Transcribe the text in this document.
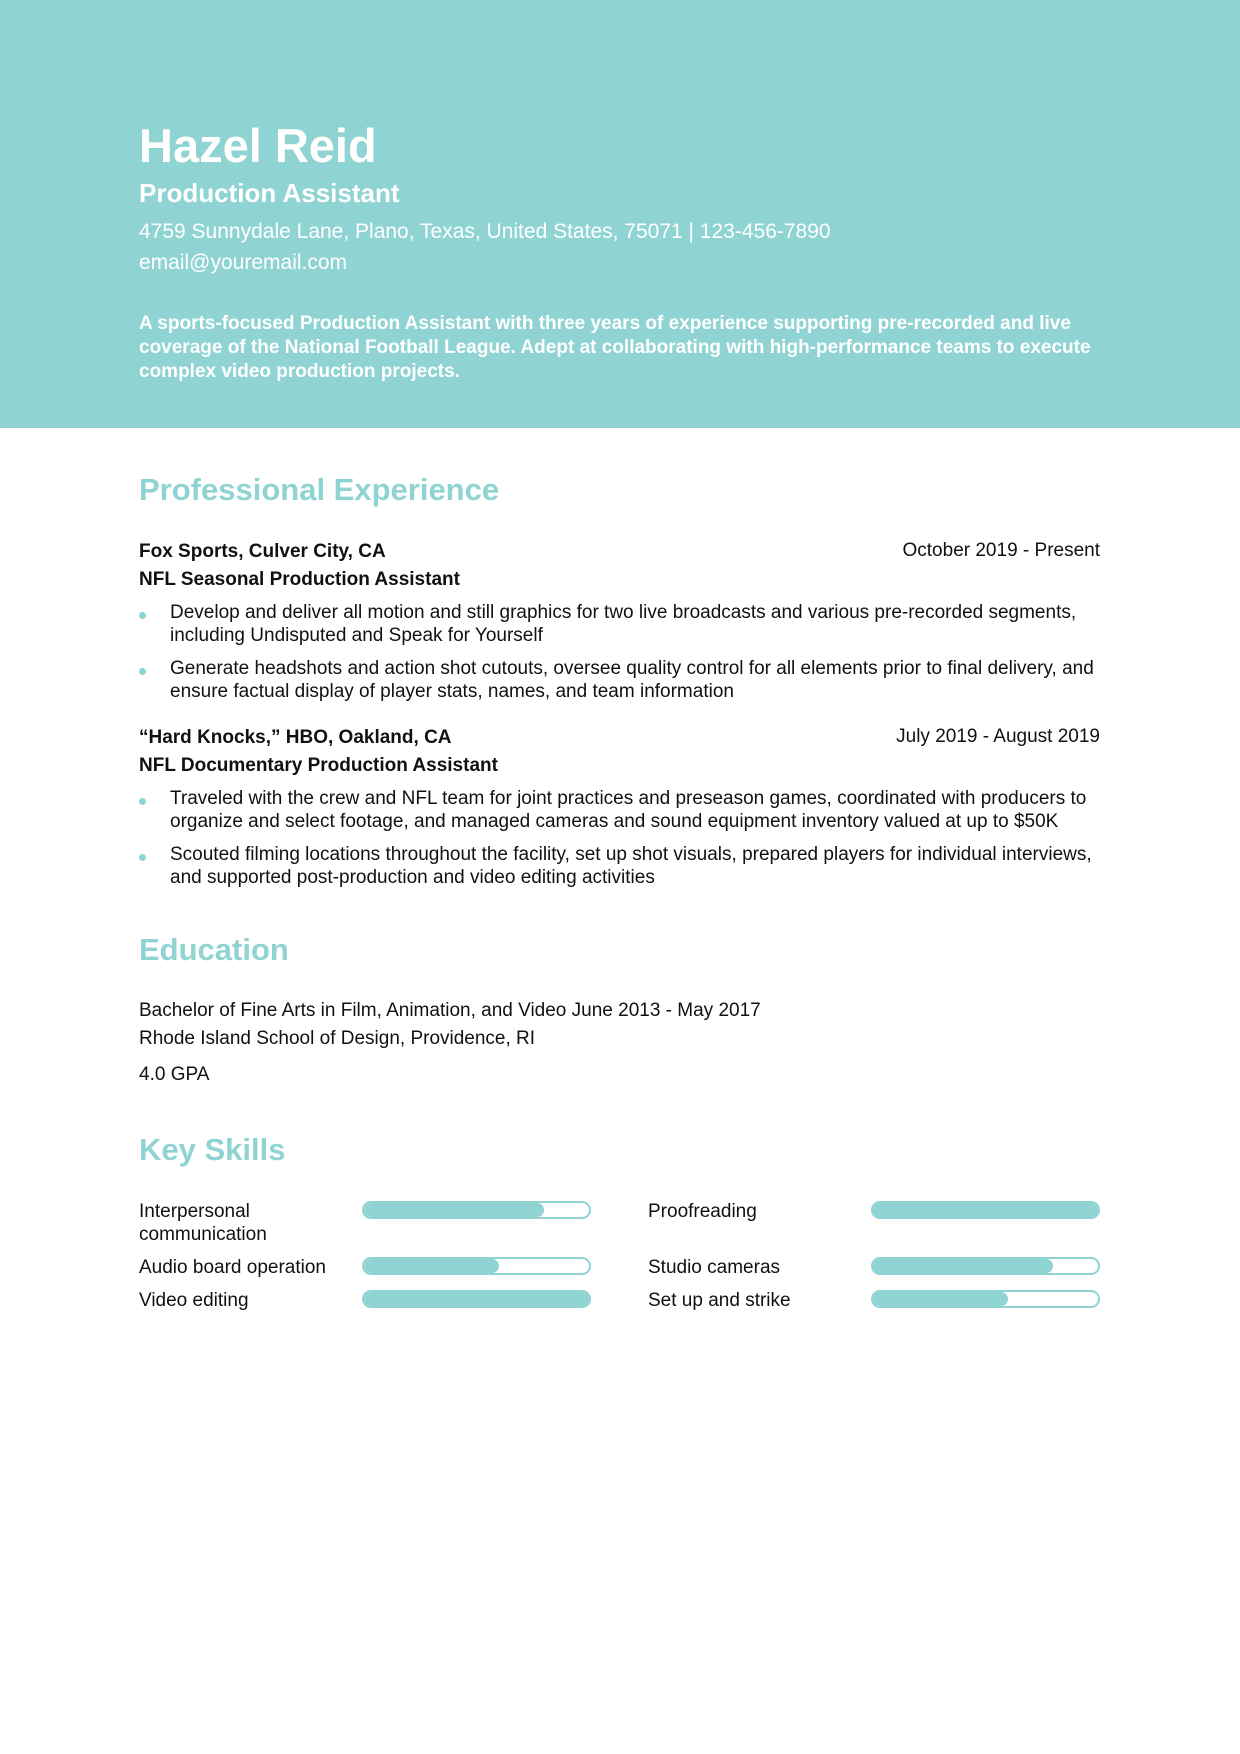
Hazel Reid
Production Assistant
4759 Sunnydale Lane, Plano, Texas, United States, 75071 | 123-456-7890
email@youremail.com
A sports-focused Production Assistant with three years of experience supporting pre-recorded and live coverage of the National Football League. Adept at collaborating with high-performance teams to execute complex video production projects.
Professional Experience
Fox Sports, Culver City, CA	October 2019 - Present
NFL Seasonal Production Assistant
Develop and deliver all motion and still graphics for two live broadcasts and various pre-recorded segments, including Undisputed and Speak for Yourself
Generate headshots and action shot cutouts, oversee quality control for all elements prior to final delivery, and ensure factual display of player stats, names, and team information
“Hard Knocks,” HBO, Oakland, CA	July 2019 - August 2019
NFL Documentary Production Assistant
Traveled with the crew and NFL team for joint practices and preseason games, coordinated with producers to organize and select footage, and managed cameras and sound equipment inventory valued at up to $50K
Scouted filming locations throughout the facility, set up shot visuals, prepared players for individual interviews, and supported post-production and video editing activities
Education
Bachelor of Fine Arts in Film, Animation, and Video June 2013 - May 2017
Rhode Island School of Design, Providence, RI
4.0 GPA
Key Skills
Interpersonal communication
Audio board operation
Video editing
Proofreading
Studio cameras
Set up and strike
